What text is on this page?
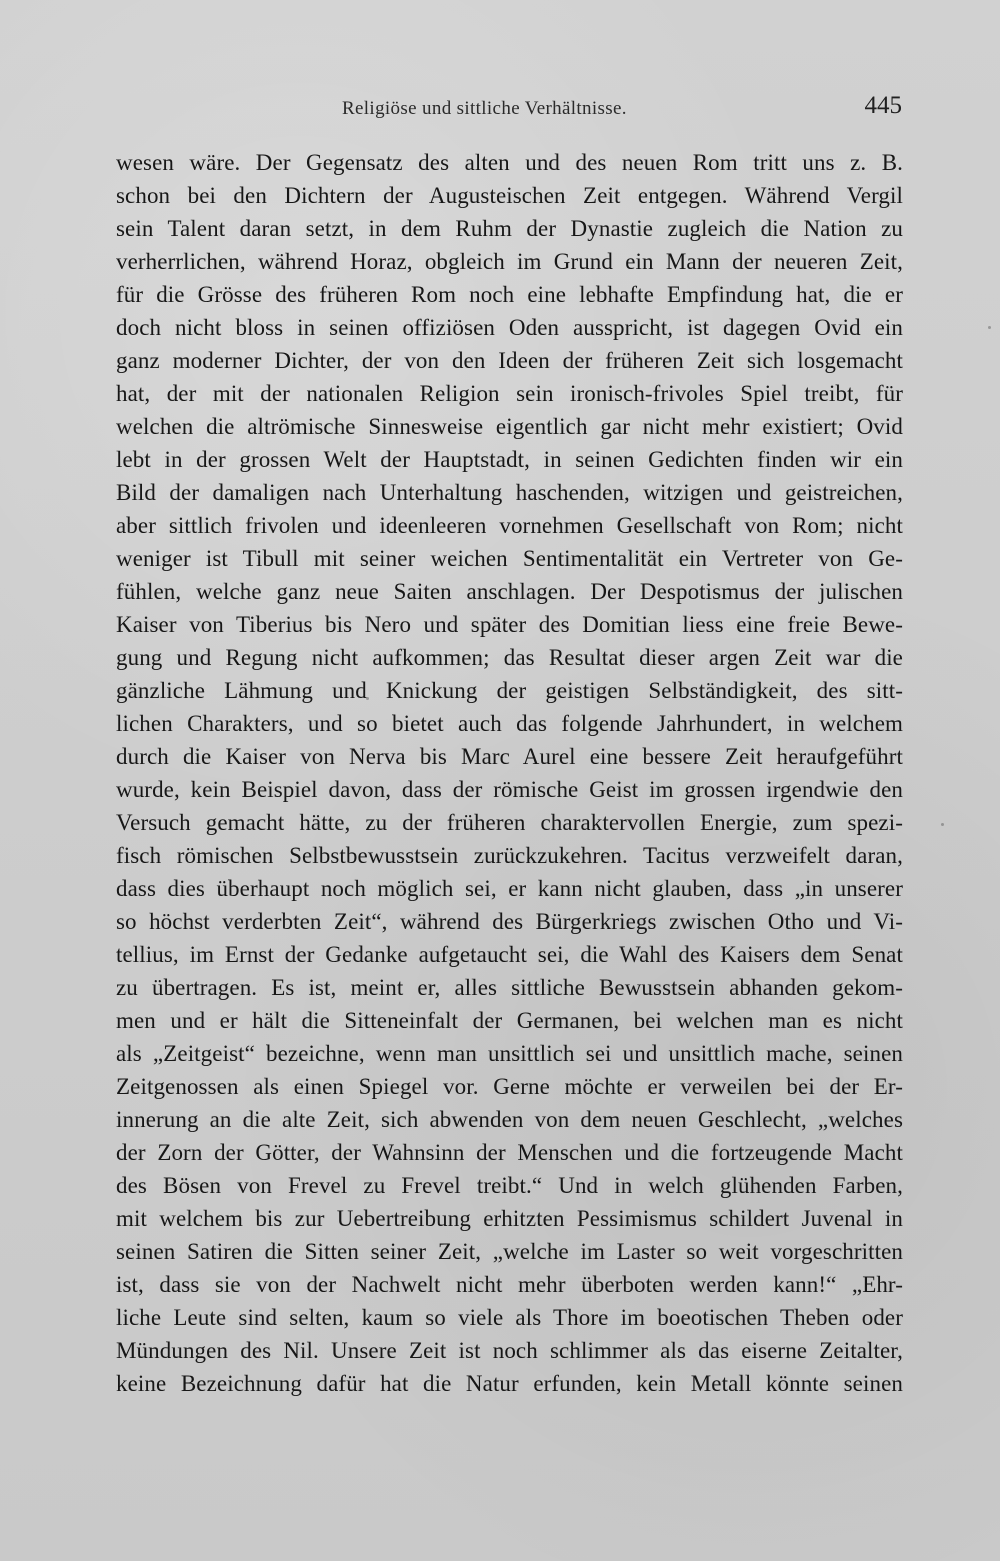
Religiöse und sittliche Verhältnisse.	445
wesen wäre. Der Gegensatz des alten und des neuen Rom tritt uns z. B.
schon bei den Dichtern der Augusteischen Zeit entgegen. Während Vergil
sein Talent daran setzt, in dem Ruhm der Dynastie zugleich die Nation zu
verherrlichen, während Horaz, obgleich im Grund ein Mann der neueren Zeit,
für die Grösse des früheren Rom noch eine lebhafte Empfindung hat, die er
doch nicht bloss in seinen offiziösen Oden ausspricht, ist dagegen Ovid ein
ganz moderner Dichter, der von den Ideen der früheren Zeit sich losgemacht
hat, der mit der nationalen Religion sein ironisch-frivoles Spiel treibt, für
welchen die altrömische Sinnesweise eigentlich gar nicht mehr existiert; Ovid
lebt in der grossen Welt der Hauptstadt, in seinen Gedichten finden wir ein
Bild der damaligen nach Unterhaltung haschenden, witzigen und geistreichen,
aber sittlich frivolen und ideenleeren vornehmen Gesellschaft von Rom; nicht
weniger ist Tibull mit seiner weichen Sentimentalität ein Vertreter von Ge-
fühlen, welche ganz neue Saiten anschlagen. Der Despotismus der julischen
Kaiser von Tiberius bis Nero und später des Domitian liess eine freie Bewe-
gung und Regung nicht aufkommen; das Resultat dieser argen Zeit war die
gänzliche Lähmung und Knickung der geistigen Selbständigkeit, des sitt-
lichen Charakters, und so bietet auch das folgende Jahrhundert, in welchem
durch die Kaiser von Nerva bis Marc Aurel eine bessere Zeit heraufgeführt
wurde, kein Beispiel davon, dass der römische Geist im grossen irgendwie den
Versuch gemacht hätte, zu der früheren charaktervollen Energie, zum spezi-
fisch römischen Selbstbewusstsein zurückzukehren. Tacitus verzweifelt daran,
dass dies überhaupt noch möglich sei, er kann nicht glauben, dass „in unserer
so höchst verderbten Zeit“, während des Bürgerkriegs zwischen Otho und Vi-
tellius, im Ernst der Gedanke aufgetaucht sei, die Wahl des Kaisers dem Senat
zu übertragen. Es ist, meint er, alles sittliche Bewusstsein abhanden gekom-
men und er hält die Sitteneinfalt der Germanen, bei welchen man es nicht
als „Zeitgeist“ bezeichne, wenn man unsittlich sei und unsittlich mache, seinen
Zeitgenossen als einen Spiegel vor. Gerne möchte er verweilen bei der Er-
innerung an die alte Zeit, sich abwenden von dem neuen Geschlecht, „welches
der Zorn der Götter, der Wahnsinn der Menschen und die fortzeugende Macht
des Bösen von Frevel zu Frevel treibt.“ Und in welch glühenden Farben,
mit welchem bis zur Uebertreibung erhitzten Pessimismus schildert Juvenal in
seinen Satiren die Sitten seiner Zeit, „welche im Laster so weit vorgeschritten
ist, dass sie von der Nachwelt nicht mehr überboten werden kann!“ „Ehr-
liche Leute sind selten, kaum so viele als Thore im boeotischen Theben oder
Mündungen des Nil. Unsere Zeit ist noch schlimmer als das eiserne Zeitalter,
keine Bezeichnung dafür hat die Natur erfunden, kein Metall könnte seinen
